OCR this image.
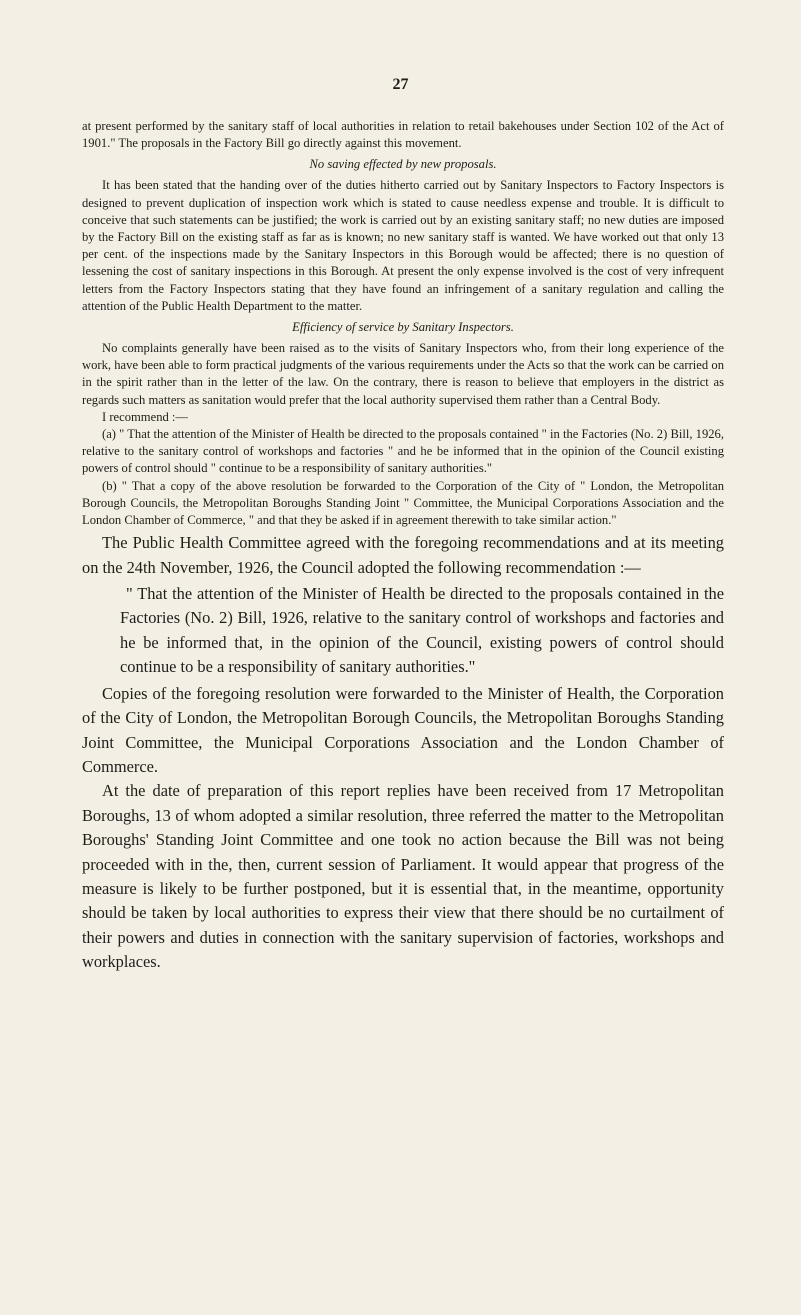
27

at present performed by the sanitary staff of local authorities in relation to retail bakehouses under Section 102 of the Act of 1901." The proposals in the Factory Bill go directly against this movement.

No saving effected by new proposals.

It has been stated that the handing over of the duties hitherto carried out by Sanitary Inspectors to Factory Inspectors is designed to prevent duplication of inspection work which is stated to cause needless expense and trouble. It is difficult to conceive that such statements can be justified; the work is carried out by an existing sanitary staff; no new duties are imposed by the Factory Bill on the existing staff as far as is known; no new sanitary staff is wanted. We have worked out that only 13 per cent. of the inspections made by the Sanitary Inspectors in this Borough would be affected; there is no question of lessening the cost of sanitary inspections in this Borough. At present the only expense involved is the cost of very infrequent letters from the Factory Inspectors stating that they have found an infringement of a sanitary regulation and calling the attention of the Public Health Department to the matter.

Efficiency of service by Sanitary Inspectors.

No complaints generally have been raised as to the visits of Sanitary Inspectors who, from their long experience of the work, have been able to form practical judgments of the various requirements under the Acts so that the work can be carried on in the spirit rather than in the letter of the law. On the contrary, there is reason to believe that employers in the district as regards such matters as sanitation would prefer that the local authority supervised them rather than a Central Body.

I recommend :—

(a) " That the attention of the Minister of Health be directed to the proposals contained " in the Factories (No. 2) Bill, 1926, relative to the sanitary control of workshops and factories " and he be informed that in the opinion of the Council existing powers of control should " continue to be a responsibility of sanitary authorities."

(b) " That a copy of the above resolution be forwarded to the Corporation of the City of " London, the Metropolitan Borough Councils, the Metropolitan Boroughs Standing Joint " Committee, the Municipal Corporations Association and the London Chamber of Commerce, " and that they be asked if in agreement therewith to take similar action."

The Public Health Committee agreed with the foregoing recommendations and at its meeting on the 24th November, 1926, the Council adopted the following recommendation :—

" That the attention of the Minister of Health be directed to the proposals contained in the Factories (No. 2) Bill, 1926, relative to the sanitary control of workshops and factories and he be informed that, in the opinion of the Council, existing powers of control should continue to be a responsibility of sanitary authorities."

Copies of the foregoing resolution were forwarded to the Minister of Health, the Corporation of the City of London, the Metropolitan Borough Councils, the Metropolitan Boroughs Standing Joint Committee, the Municipal Corporations Association and the London Chamber of Commerce.

At the date of preparation of this report replies have been received from 17 Metropolitan Boroughs, 13 of whom adopted a similar resolution, three referred the matter to the Metropolitan Boroughs' Standing Joint Committee and one took no action because the Bill was not being proceeded with in the, then, current session of Parliament. It would appear that progress of the measure is likely to be further postponed, but it is essential that, in the meantime, opportunity should be taken by local authorities to express their view that there should be no curtailment of their powers and duties in connection with the sanitary supervision of factories, workshops and workplaces.
